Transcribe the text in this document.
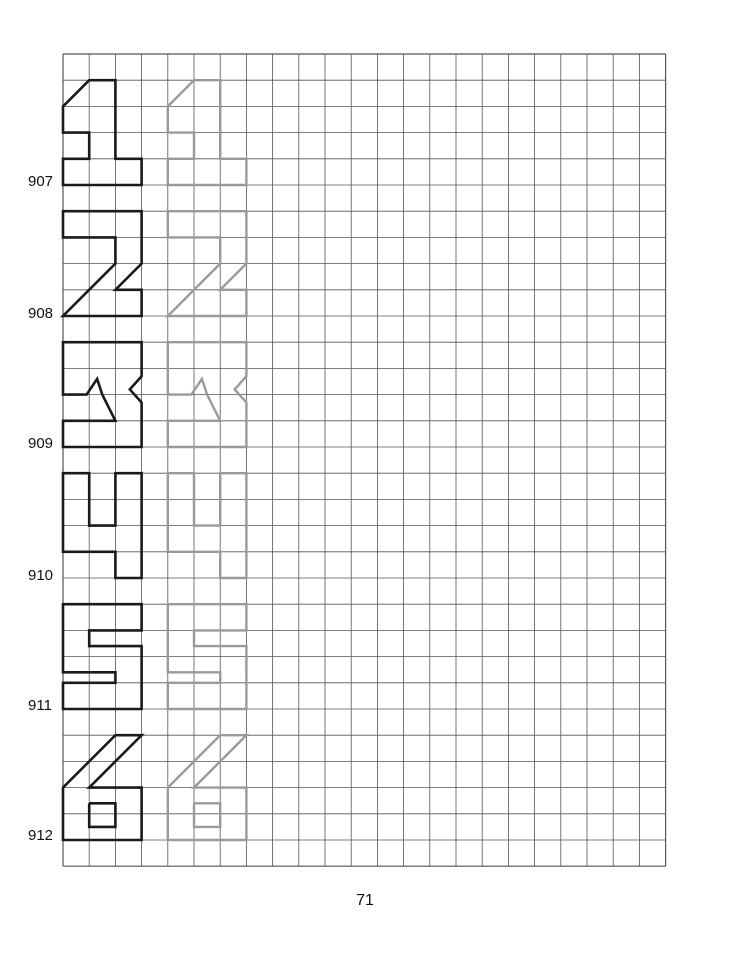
907
908
909
910
911
912
71
